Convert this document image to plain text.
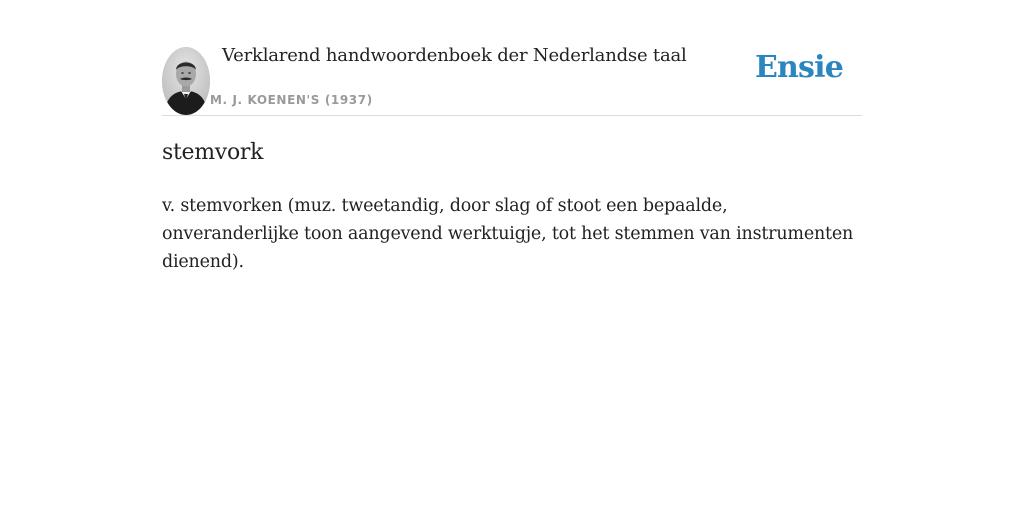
Verklarend handwoordenboek der Nederlandse taal
M. J. KOENEN'S (1937)
Ensie
stemvork

v. stemvorken (muz. tweetandig, door slag of stoot een bepaalde, onveranderlijke toon aangevend werktuigje, tot het stemmen van instrumenten dienend).
